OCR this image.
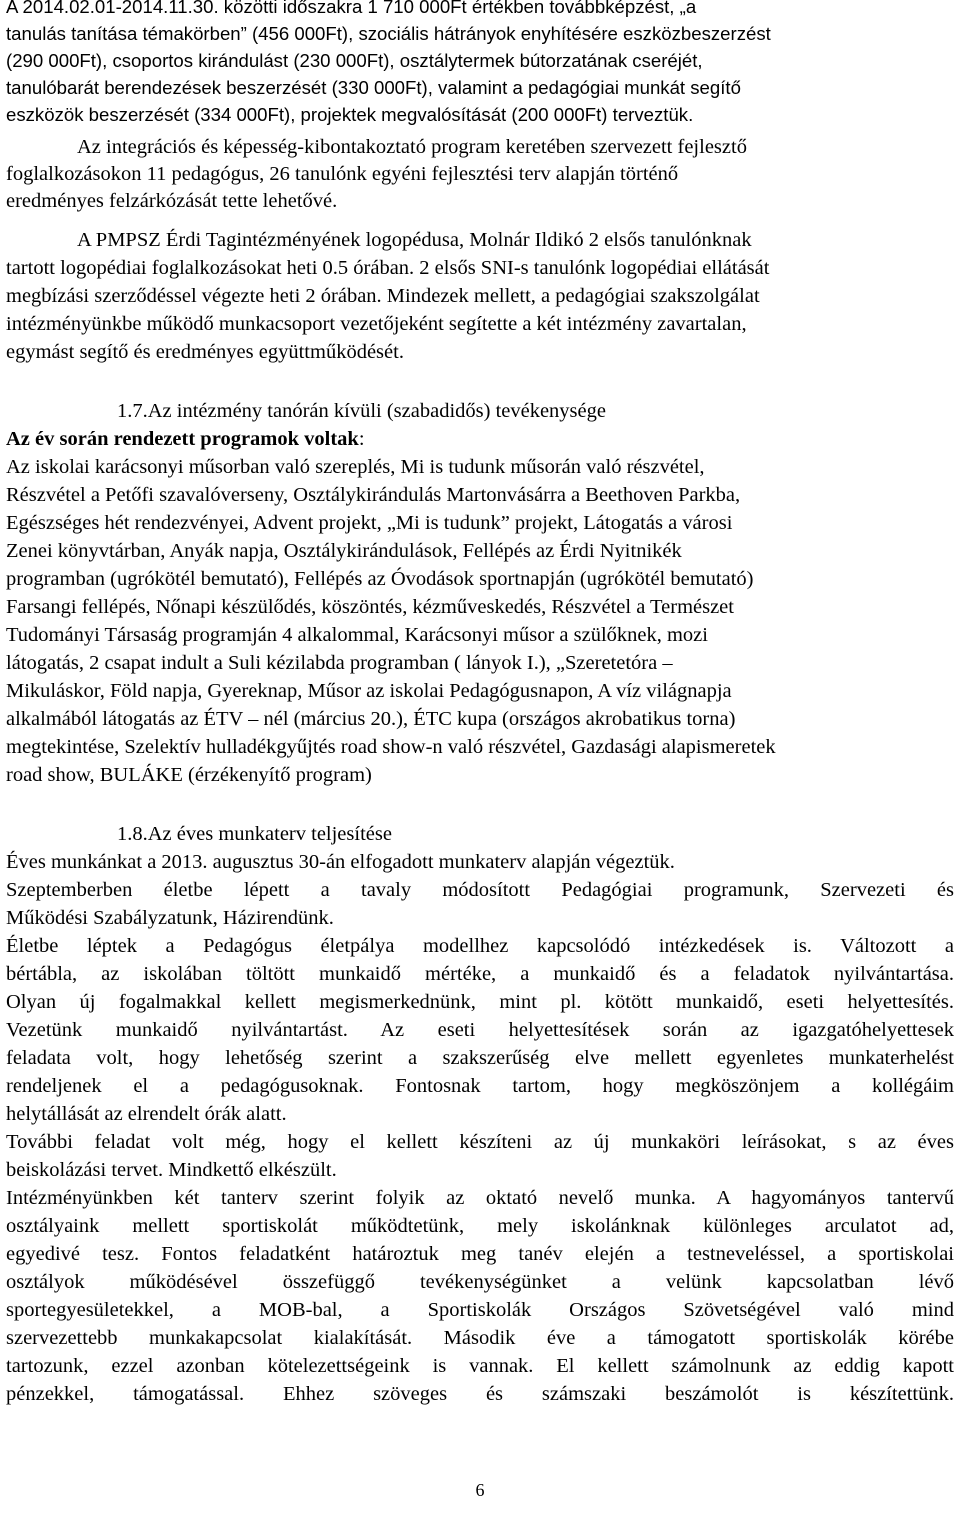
A 2014.02.01-2014.11.30. közötti időszakra 1 710 000Ft értékben továbbképzést, „a
tanulás tanítása témakörben” (456 000Ft), szociális hátrányok enyhítésére eszközbeszerzést
(290 000Ft), csoportos kirándulást (230 000Ft), osztálytermek bútorzatának cseréjét,
tanulóbarát berendezések beszerzését (330 000Ft), valamint a pedagógiai munkát segítő
eszközök beszerzését (334 000Ft), projektek megvalósítását (200 000Ft) terveztük.
Az integrációs és képesség-kibontakoztató program keretében szervezett fejlesztő
foglalkozásokon 11 pedagógus, 26 tanulónk egyéni fejlesztési terv alapján történő
eredményes felzárkózását tette lehetővé.
A PMPSZ Érdi Tagintézményének logopédusa, Molnár Ildikó 2 elsős tanulónknak
tartott logopédiai foglalkozásokat heti 0.5 órában. 2 elsős SNI-s tanulónk logopédiai ellátását
megbízási szerződéssel végezte heti 2 órában. Mindezek mellett, a pedagógiai szakszolgálat
intézményünkbe működő munkacsoport vezetőjeként segítette a két intézmény zavartalan,
egymást segítő és eredményes együttműködését.
1.7.Az intézmény tanórán kívüli (szabadidős) tevékenysége
Az év során rendezett programok voltak:
Az iskolai karácsonyi műsorban való szereplés, Mi is tudunk műsorán való részvétel,
Részvétel a Petőfi szavalóverseny, Osztálykirándulás Martonvásárra a Beethoven Parkba,
Egészséges hét rendezvényei, Advent projekt, „Mi is tudunk” projekt, Látogatás a városi
Zenei könyvtárban, Anyák napja, Osztálykirándulások, Fellépés az Érdi Nyitnikék
programban (ugrókötél bemutató), Fellépés az Óvodások sportnapján (ugrókötél bemutató)
Farsangi fellépés, Nőnapi készülődés, köszöntés, kézműveskedés, Részvétel a Természet
Tudományi Társaság programján 4 alkalommal, Karácsonyi műsor a szülőknek, mozi
látogatás, 2 csapat indult a Suli kézilabda programban ( lányok I.), „Szeretetóra –
Mikuláskor, Föld napja, Gyereknap, Műsor az iskolai Pedagógusnapon, A víz világnapja
alkalmából látogatás az ÉTV – nél (március 20.), ÉTC kupa (országos akrobatikus torna)
megtekintése, Szelektív hulladékgyűjtés road show-n való részvétel, Gazdasági alapismeretek
road show, BULÁKE (érzékenyítő program)
1.8.Az éves munkaterv teljesítése
Éves munkánkat a 2013. augusztus 30-án elfogadott munkaterv alapján végeztük.
Szeptemberben életbe lépett a tavaly módosított Pedagógiai programunk, Szervezeti és
Működési Szabályzatunk, Házirendünk.
Életbe léptek a Pedagógus életpálya modellhez kapcsolódó intézkedések is. Változott a
bértábla, az iskolában töltött munkaidő mértéke, a munkaidő és a feladatok nyilvántartása.
Olyan új fogalmakkal kellett megismerkednünk, mint pl. kötött munkaidő, eseti helyettesítés.
Vezetünk munkaidő nyilvántartást. Az eseti helyettesítések során az igazgatóhelyettesek
feladata volt, hogy lehetőség szerint a szakszerűség elve mellett egyenletes munkaterhelést
rendeljenek el a pedagógusoknak. Fontosnak tartom, hogy megköszönjem a kollégáim
helytállását az elrendelt órák alatt.
További feladat volt még, hogy el kellett készíteni az új munkaköri leírásokat, s az éves
beiskolázási tervet. Mindkettő elkészült.
Intézményünkben két tanterv szerint folyik az oktató nevelő munka. A hagyományos tantervű
osztályaink mellett sportiskolát működtetünk, mely iskolánknak különleges arculatot ad,
egyedivé tesz. Fontos feladatként határoztuk meg tanév elején a testneveléssel, a sportiskolai
osztályok működésével összefüggő tevékenységünket a velünk kapcsolatban lévő
sportegyesületekkel, a MOB-bal, a Sportiskolák Országos Szövetségével való mind
szervezettebb munkakapcsolat kialakítását. Második éve a támogatott sportiskolák körébe
tartozunk, ezzel azonban kötelezettségeink is vannak. El kellett számolnunk az eddig kapott
pénzekkel, támogatással. Ehhez szöveges és számszaki beszámolót is készítettünk.
6
